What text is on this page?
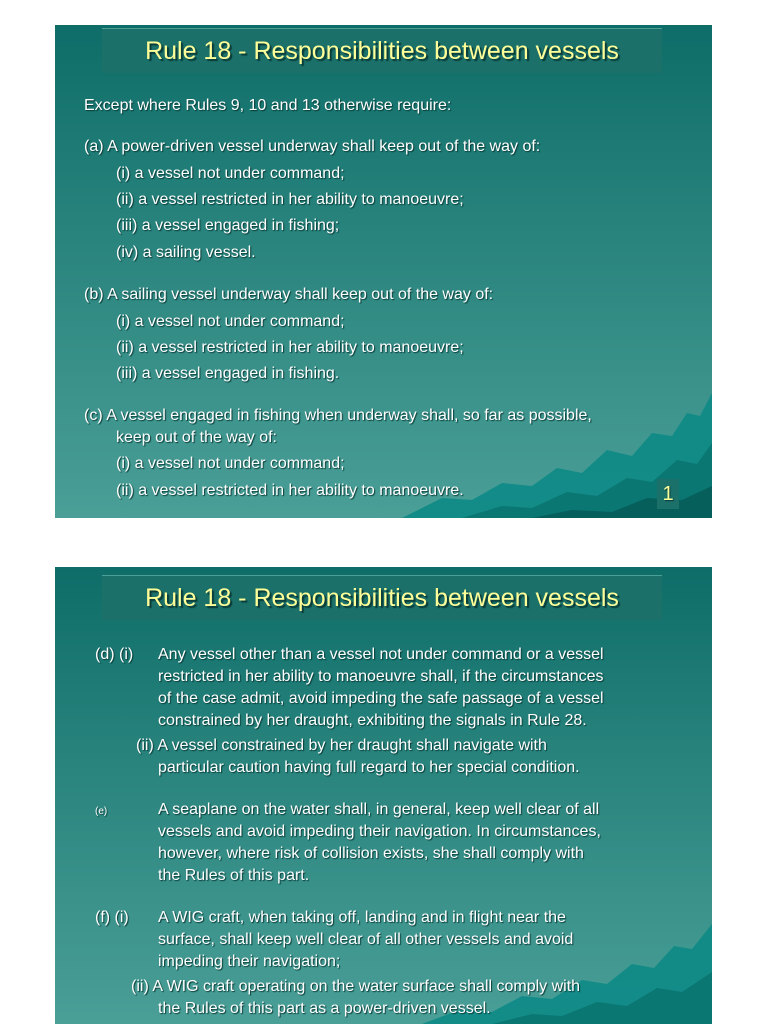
Rule 18 - Responsibilities between vessels
Except where Rules 9, 10 and 13 otherwise require:
(a) A power-driven vessel underway shall keep out of the way of:
(i) a vessel not under command;
(ii) a vessel restricted in her ability to manoeuvre;
(iii) a vessel engaged in fishing;
(iv) a sailing vessel.
(b) A sailing vessel underway shall keep out of the way of:
(i) a vessel not under command;
(ii) a vessel restricted in her ability to manoeuvre;
(iii) a vessel engaged in fishing.
(c) A vessel engaged in fishing when underway shall, so far as possible,
keep out of the way of:
(i) a vessel not under command;
(ii) a vessel restricted in her ability to manoeuvre.	1
Rule 18 - Responsibilities between vessels
(d) (i) Any vessel other than a vessel not under command or a vessel
restricted in her ability to manoeuvre shall, if the circumstances
of the case admit, avoid impeding the safe passage of a vessel
constrained by her draught, exhibiting the signals in Rule 28.
(ii) A vessel constrained by her draught shall navigate with
particular caution having full regard to her special condition.
(e)	A seaplane on the water shall, in general, keep well clear of all
vessels and avoid impeding their navigation. In circumstances,
however, where risk of collision exists, she shall comply with
the Rules of this part.
(f) (i) A WIG craft, when taking off, landing and in flight near the
surface, shall keep well clear of all other vessels and avoid
impeding their navigation;
(ii) A WIG craft operating on the water surface shall comply with
the Rules of this part as a power-driven vessel.
